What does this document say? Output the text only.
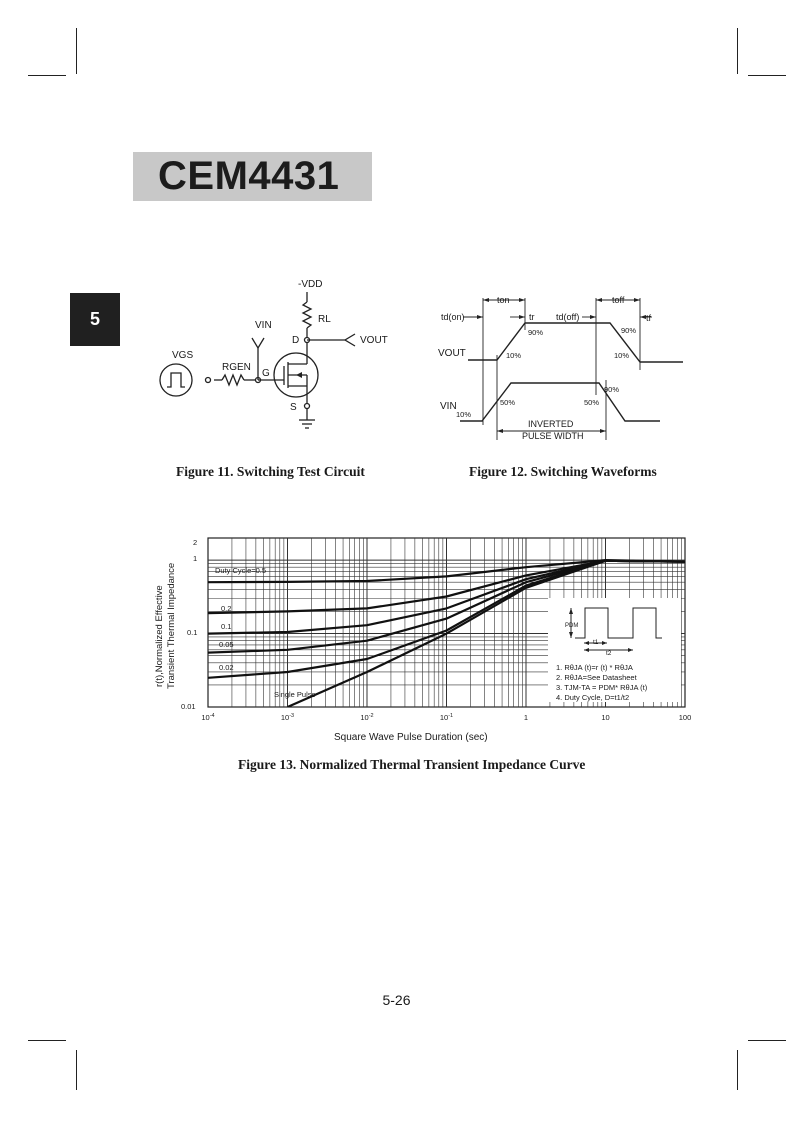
CEM4431
5
-VDD
RL
VIN
D	VOUT
VGS
RGEN
G
S
ton	toff
td(on)	tr td(off)	tf
VOUT
VIN
90%
10%
90%
10%
10%
50%	50%
90%
INVERTED
PULSE WIDTH
$10^{-4}$	$10^{-3}$	$10^{-2}$	$10^{-1}$	1	10	100
2
1
0.1
0.01
Square Wave Pulse Duration (sec)
r(t),Normalized Effective Transient Thermal Impedance	Duty Cycle=0.5
0.2
0.1
0.05
0.02
Single Pulse
PDM
t1
t2
1. RθJA (t)=r (t) * RθJA
2. RθJA=See Datasheet
3. TJM-TA = PDM* RθJA (t)
4. Duty Cycle, D=t1/t2
Figure 11. Switching Test Circuit	Figure 12. Switching Waveforms
Figure 13. Normalized Thermal Transient Impedance Curve
5-26
